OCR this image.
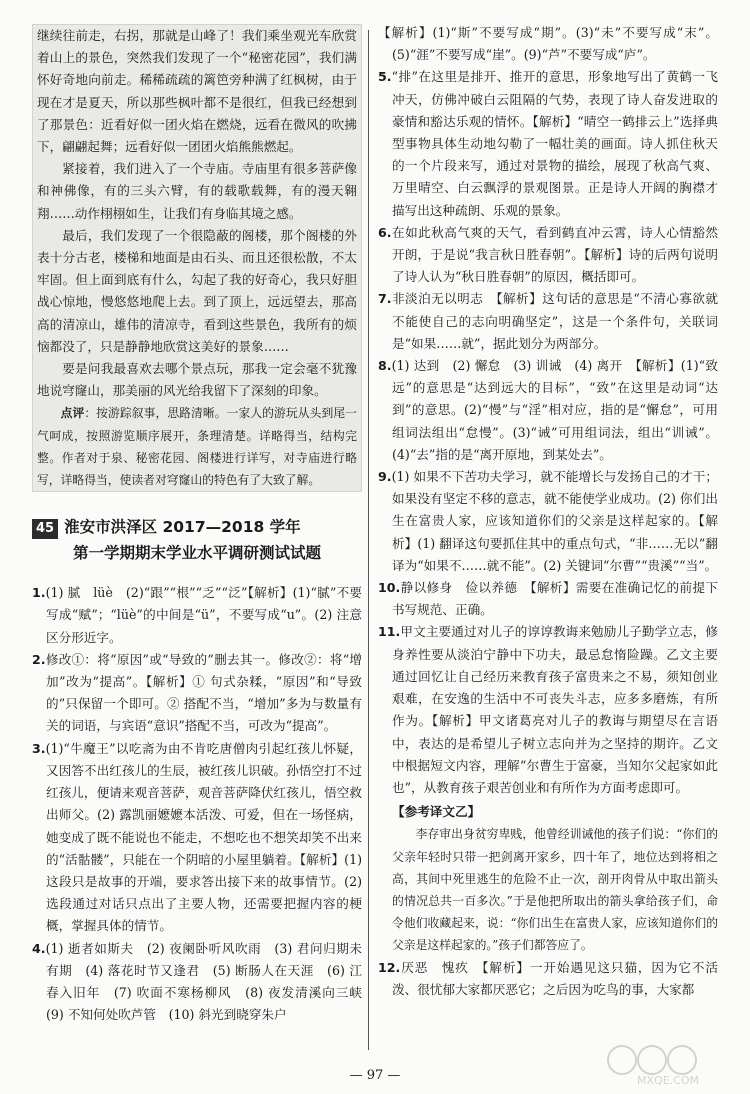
继续往前走，右拐，那就是山峰了！我们乘坐观光车欣赏着山上的景色，突然我们发现了一个“秘密花园”，我们满怀好奇地向前走。稀稀疏疏的篱笆旁种满了红枫树，由于现在才是夏天，所以那些枫叶都不是很红，但我已经想到了那景色：近看好似一团火焰在燃烧，远看在微风的吹拂下，翩翩起舞；远看好似一团团火焰熊熊燃起。

紧接着，我们进入了一个寺庙。寺庙里有很多菩萨像和神佛像，有的三头六臂，有的载歌载舞，有的漫天翱翔……动作栩栩如生，让我们有身临其境之感。

最后，我们发现了一个很隐蔽的阁楼，那个阁楼的外表十分古老，楼梯和地面是由石头、而且还很松散，不太牢固。但上面到底有什么，勾起了我的好奇心，我只好胆战心惊地，慢悠悠地爬上去。到了顶上，远远望去，那高高的清凉山，雄伟的清凉寺，看到这些景色，我所有的烦恼都没了，只是静静地欣赏这美好的景象……

要是问我最喜欢去哪个景点玩，那我一定会毫不犹豫地说穹窿山，那美丽的风光给我留下了深刻的印象。

点评：按游踪叙事，思路清晰。一家人的游玩从头到尾一气呵成，按照游览顺序展开，条理清楚。详略得当，结构完整。作者对于泉、秘密花园、阁楼进行详写，对寺庙进行略写，详略得当，使读者对穹窿山的特色有了大致了解。

45 淮安市洪泽区 2017—2018 学年
第一学期期末学业水平调研测试试题

1.(1) 腻　lüè　(2)“跟”“根”“乏”“泛”【解析】(1)“腻”不要写成“赋”；“lüè”的中间是“ü”，不要写成“u”。(2) 注意区分形近字。

2.修改①：将“原因”或“导致的”删去其一。修改②：将“增加”改为“提高”。【解析】① 句式杂糅，“原因”和“导致的”只保留一个即可。② 搭配不当，“增加”多为与数量有关的词语，与宾语“意识”搭配不当，可改为“提高”。

3.(1)“牛魔王”以吃斋为由不肯吃唐僧肉引起红孩儿怀疑，又因答不出红孩儿的生辰，被红孩儿识破。孙悟空打不过红孩儿，便请来观音菩萨，观音菩萨降伏红孩儿，悟空救出师父。(2) 露凯丽嬷嬷本活泼、可爱，但在一场怪病，她变成了既不能说也不能走，不想吃也不想笑却笑不出来的“活骷髅”，只能在一个阴暗的小屋里躺着。【解析】(1) 这段只是故事的开端，要求答出接下来的故事情节。(2) 选段通过对话只点出了主要人物，还需要把握内容的梗概，掌握具体的情节。

4.(1) 逝者如斯夫　(2) 夜阑卧听风吹雨　(3) 君问归期未有期　(4) 落花时节又逢君　(5) 断肠人在天涯　(6) 江春入旧年　(7) 吹面不寒杨柳风　(8) 夜发清溪向三峡　(9) 不知何处吹芦管　(10) 斜光到晓穿朱户

【解析】(1)“斯”不要写成“期”。(3)“未”不要写成“末”。(5)“涯”不要写成“崖”。(9)“芦”不要写成“庐”。

5.“排”在这里是排开、推开的意思，形象地写出了黄鹤一飞冲天，仿佛冲破白云阻隔的气势，表现了诗人奋发进取的豪情和豁达乐观的情怀。【解析】“晴空一鹤排云上”选择典型事物具体生动地勾勒了一幅壮美的画面。诗人抓住秋天的一个片段来写，通过对景物的描绘，展现了秋高气爽、万里晴空、白云飘浮的景观图景。正是诗人开阔的胸襟才描写出这种疏朗、乐观的景象。

6.在如此秋高气爽的天气，看到鹤直冲云霄，诗人心情豁然开朗，于是说“我言秋日胜春朝”。【解析】诗的后两句说明了诗人认为“秋日胜春朝”的原因，概括即可。

7.非淡泊无以明志　【解析】这句话的意思是“不清心寡欲就不能使自己的志向明确坚定”，这是一个条件句，关联词是“如果……就”，据此划分为两部分。

8.(1) 达到　(2) 懈怠　(3) 训诫　(4) 离开　【解析】(1)“致远”的意思是“达到远大的目标”，“致”在这里是动词“达到”的意思。(2)“慢”与“淫”相对应，指的是“懈怠”，可用组词法组出“怠慢”。(3)“诫”可用组词法，组出“训诫”。(4)“去”指的是“离开原地，到某处去”。

9.(1) 如果不下苦功夫学习，就不能增长与发扬自己的才干；如果没有坚定不移的意志，就不能使学业成功。(2) 你们出生在富贵人家，应该知道你们的父亲是这样起家的。【解析】(1) 翻译这句要抓住其中的重点句式，“非……无以”翻译为“如果不……就不能”。(2) 关键词“尔曹”“贵溪”“当”。

10.静以修身　俭以养德　【解析】需要在准确记忆的前提下书写规范、正确。

11.甲文主要通过对儿子的谆谆教诲来勉励儿子勤学立志，修身养性要从淡泊宁静中下功夫，最忌怠惰险躁。乙文主要通过回忆让自己经历来教育孩子富贵来之不易，须知创业艰难，在安逸的生活中不可丧失斗志，应多多磨炼，有所作为。【解析】甲文诸葛亮对儿子的教诲与期望尽在言语中，表达的是希望儿子树立志向并为之坚持的期许。乙文中根据短文内容，理解“尔曹生于富豪，当知尔父起家如此也”，从教育孩子艰苦创业和有所作为方面考虑即可。

【参考译文乙】

李存审出身贫穷卑贱，他曾经训诫他的孩子们说：“你们的父亲年轻时只带一把剑离开家乡，四十年了，地位达到将相之高，其间中死里逃生的危险不止一次，剖开肉骨从中取出箭头的情况总共一百多次。”于是他把所取出的箭头拿给孩子们，命令他们收藏起来，说：“你们出生在富贵人家，应该知道你们的父亲是这样起家的。”孩子们都答应了。

12.厌恶　愧疚　【解析】一开始遇见这只猫，因为它不活泼、很忧郁大家都厌恶它；之后因为吃鸟的事，大家都

— 97 —	MXQE.COM
